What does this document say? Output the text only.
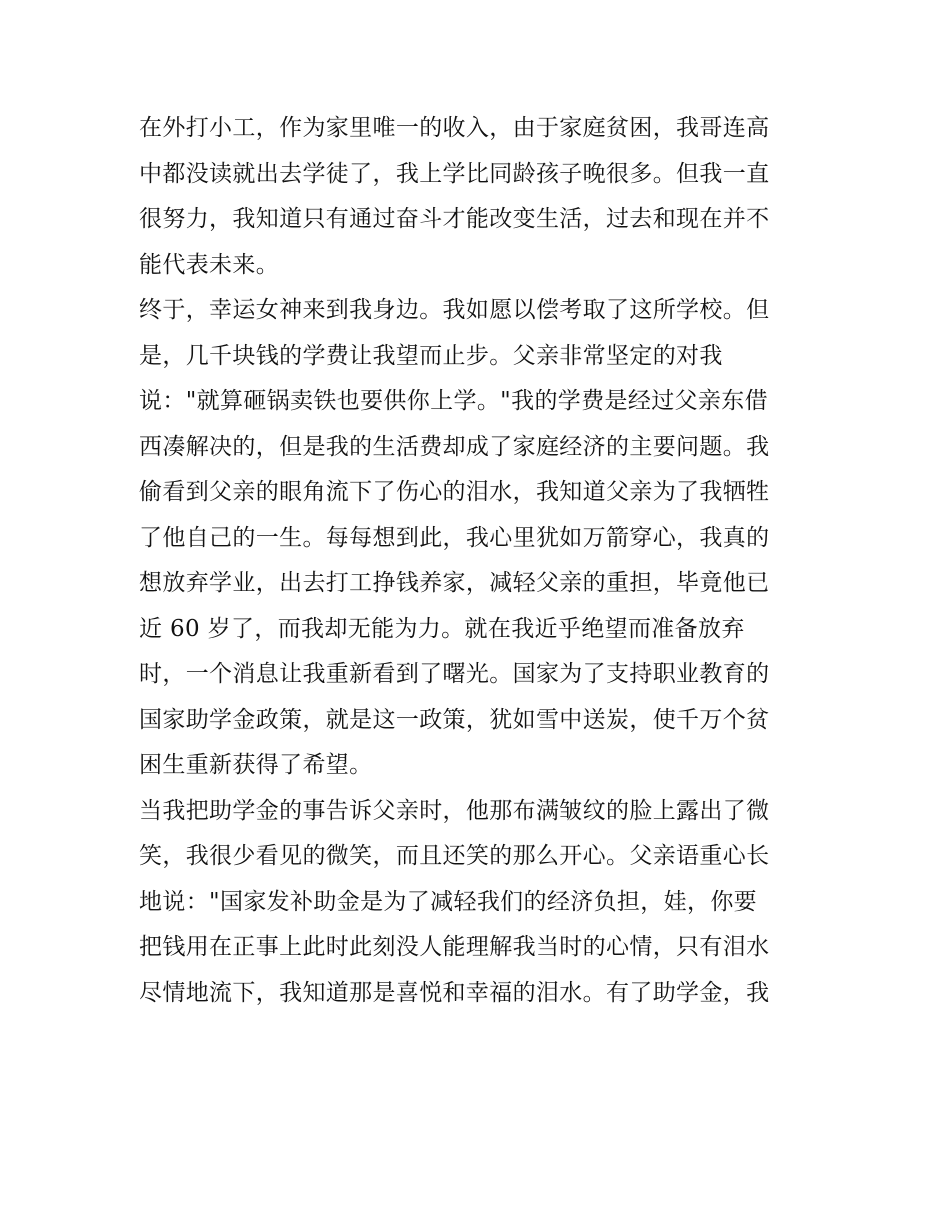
在外打小工，作为家里唯一的收入，由于家庭贫困，我哥连高
中都没读就出去学徒了，我上学比同龄孩子晚很多。但我一直
很努力，我知道只有通过奋斗才能改变生活，过去和现在并不
能代表未来。
终于，幸运女神来到我身边。我如愿以偿考取了这所学校。但
是，几千块钱的学费让我望而止步。父亲非常坚定的对我
说："就算砸锅卖铁也要供你上学。"我的学费是经过父亲东借
西凑解决的，但是我的生活费却成了家庭经济的主要问题。我
偷看到父亲的眼角流下了伤心的泪水，我知道父亲为了我牺牲
了他自己的一生。每每想到此，我心里犹如万箭穿心，我真的
想放弃学业，出去打工挣钱养家，减轻父亲的重担，毕竟他已
近 60 岁了，而我却无能为力。就在我近乎绝望而准备放弃
时，一个消息让我重新看到了曙光。国家为了支持职业教育的
国家助学金政策，就是这一政策，犹如雪中送炭，使千万个贫
困生重新获得了希望。
当我把助学金的事告诉父亲时，他那布满皱纹的脸上露出了微
笑，我很少看见的微笑，而且还笑的那么开心。父亲语重心长
地说："国家发补助金是为了减轻我们的经济负担，娃，你要
把钱用在正事上此时此刻没人能理解我当时的心情，只有泪水
尽情地流下，我知道那是喜悦和幸福的泪水。有了助学金，我
